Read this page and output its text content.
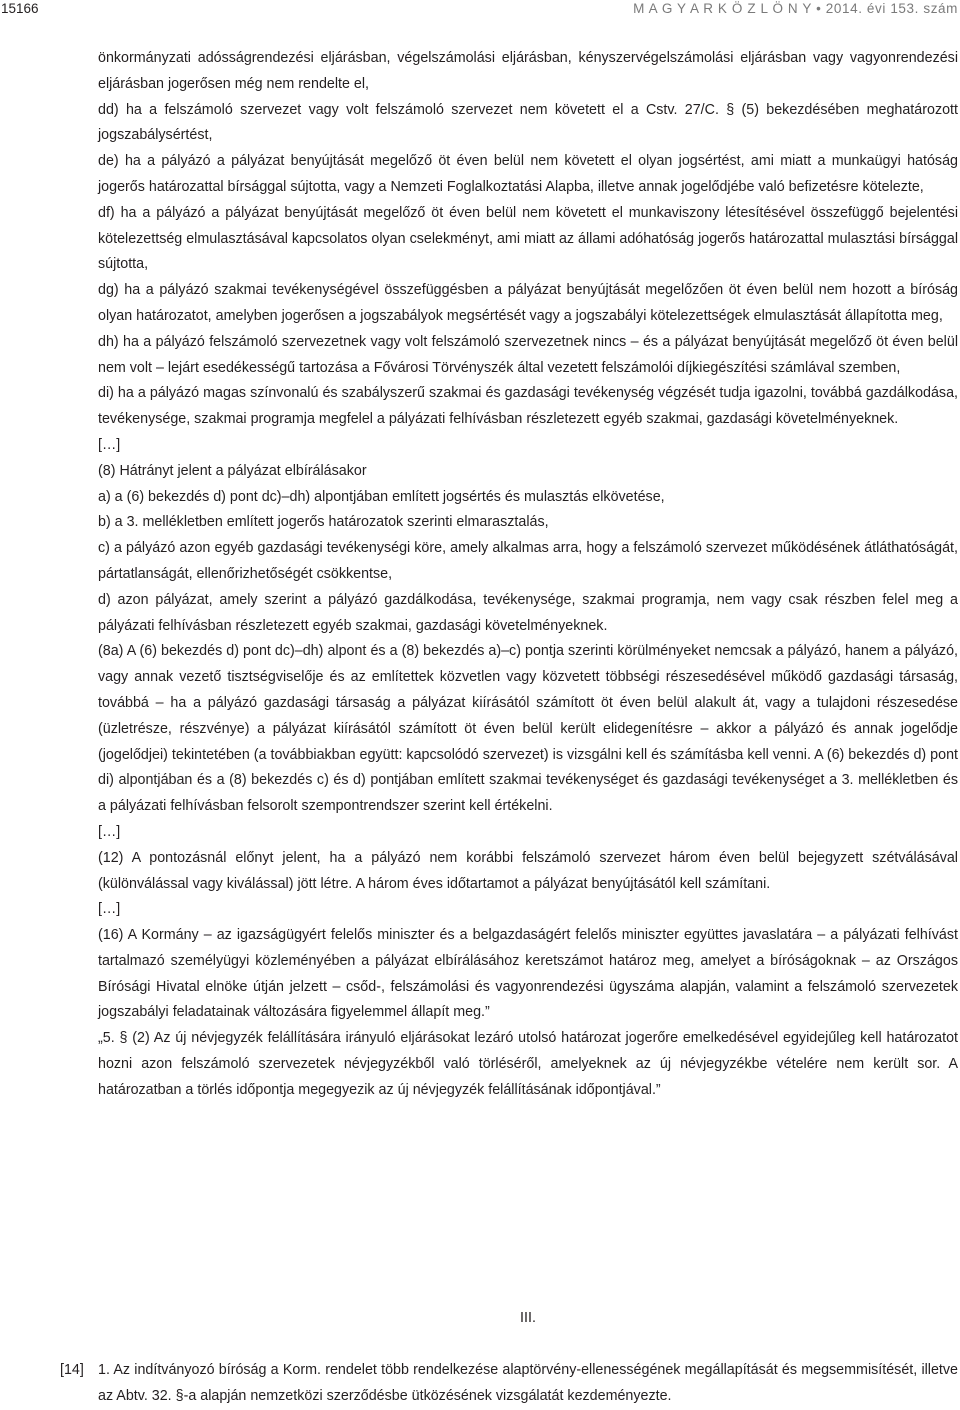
15166	M A G Y A R K Ö Z L Ö N Y • 2014. évi 153. szám

önkormányzati adósságrendezési eljárásban, végelszámolási eljárásban, kényszervégelszámolási eljárásban vagy vagyonrendezési eljárásban jogerősen még nem rendelte el,

dd) ha a felszámoló szervezet vagy volt felszámoló szervezet nem követett el a Cstv. 27/C. § (5) bekezdésében meghatározott jogszabálysértést,

de) ha a pályázó a pályázat benyújtását megelőző öt éven belül nem követett el olyan jogsértést, ami miatt a munkaügyi hatóság jogerős határozattal bírsággal sújtotta, vagy a Nemzeti Foglalkoztatási Alapba, illetve annak jogelődjébe való befizetésre kötelezte,

df) ha a pályázó a pályázat benyújtását megelőző öt éven belül nem követett el munkaviszony létesítésével összefüggő bejelentési kötelezettség elmulasztásával kapcsolatos olyan cselekményt, ami miatt az állami adóhatóság jogerős határozattal mulasztási bírsággal sújtotta,

dg) ha a pályázó szakmai tevékenységével összefüggésben a pályázat benyújtását megelőzően öt éven belül nem hozott a bíróság olyan határozatot, amelyben jogerősen a jogszabályok megsértését vagy a jogszabályi kötelezettségek elmulasztását állapította meg,

dh) ha a pályázó felszámoló szervezetnek vagy volt felszámoló szervezetnek nincs – és a pályázat benyújtását megelőző öt éven belül nem volt – lejárt esedékességű tartozása a Fővárosi Törvényszék által vezetett felszámolói díjkiegészítési számlával szemben,

di) ha a pályázó magas színvonalú és szabályszerű szakmai és gazdasági tevékenység végzését tudja igazolni, továbbá gazdálkodása, tevékenysége, szakmai programja megfelel a pályázati felhívásban részletezett egyéb szakmai, gazdasági követelményeknek.

[…]

(8) Hátrányt jelent a pályázat elbírálásakor

a) a (6) bekezdés d) pont dc)–dh) alpontjában említett jogsértés és mulasztás elkövetése,

b) a 3. mellékletben említett jogerős határozatok szerinti elmarasztalás,

c) a pályázó azon egyéb gazdasági tevékenységi köre, amely alkalmas arra, hogy a felszámoló szervezet működésének átláthatóságát, pártatlanságát, ellenőrizhetőségét csökkentse,

d) azon pályázat, amely szerint a pályázó gazdálkodása, tevékenysége, szakmai programja, nem vagy csak részben felel meg a pályázati felhívásban részletezett egyéb szakmai, gazdasági követelményeknek.

(8a) A (6) bekezdés d) pont dc)–dh) alpont és a (8) bekezdés a)–c) pontja szerinti körülményeket nemcsak a pályázó, hanem a pályázó, vagy annak vezető tisztségviselője és az említettek közvetlen vagy közvetett többségi részesedésével működő gazdasági társaság, továbbá – ha a pályázó gazdasági társaság a pályázat kiírásától számított öt éven belül alakult át, vagy a tulajdoni részesedése (üzletrésze, részvénye) a pályázat kiírásától számított öt éven belül került elidegenítésre – akkor a pályázó és annak jogelődje (jogelődjei) tekintetében (a továbbiakban együtt: kapcsolódó szervezet) is vizsgálni kell és számításba kell venni. A (6) bekezdés d) pont di) alpontjában és a (8) bekezdés c) és d) pontjában említett szakmai tevékenységet és gazdasági tevékenységet a 3. mellékletben és a pályázati felhívásban felsorolt szempontrendszer szerint kell értékelni.

[…]

(12) A pontozásnál előnyt jelent, ha a pályázó nem korábbi felszámoló szervezet három éven belül bejegyzett szétválásával (különválással vagy kiválással) jött létre. A három éves időtartamot a pályázat benyújtásától kell számítani.

[…]

(16) A Kormány – az igazságügyért felelős miniszter és a belgazdaságért felelős miniszter együttes javaslatára – a pályázati felhívást tartalmazó személyügyi közleményében a pályázat elbírálásához keretszámot határoz meg, amelyet a bíróságoknak – az Országos Bírósági Hivatal elnöke útján jelzett – csőd-, felszámolási és vagyonrendezési ügyszáma alapján, valamint a felszámoló szervezetek jogszabályi feladatainak változására figyelemmel állapít meg.”

„5. § (2) Az új névjegyzék felállítására irányuló eljárásokat lezáró utolsó határozat jogerőre emelkedésével egyidejűleg kell határozatot hozni azon felszámoló szervezetek névjegyzékből való törléséről, amelyeknek az új névjegyzékbe vételére nem került sor. A határozatban a törlés időpontja megegyezik az új névjegyzék felállításának időpontjával.”

III.
[14] 1. Az indítványozó bíróság a Korm. rendelet több rendelkezése alaptörvény-ellenességének megállapítását és megsemmisítését, illetve az Abtv. 32. §-a alapján nemzetközi szerződésbe ütközésének vizsgálatát kezdeményezte.
